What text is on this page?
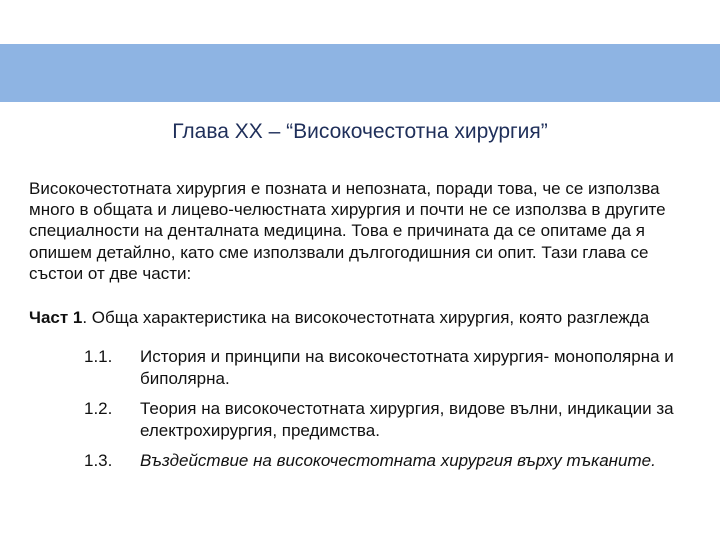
Глава ХХ – “Високочестотна хирургия”

Високочестотната хирургия е позната и непозната, поради това, че се използва много в общата и лицево-челюстната хирургия и почти не се използва в другите специалности на денталната медицина. Това е причината да се опитаме да я опишем детайлно, като сме използвали дългогодишния си опит. Тази глава се състои от две части:

Част 1. Обща характеристика на високочестотната хирургия, която разглежда
1.1. История и принципи на високочестотната хирургия- монополярна и биполярна.
1.2. Теория на високочестотната хирургия, видове вълни, индикации за електрохирургия, предимства.
1.3. Въздействие на високочестотната хирургия върху тъканите.
